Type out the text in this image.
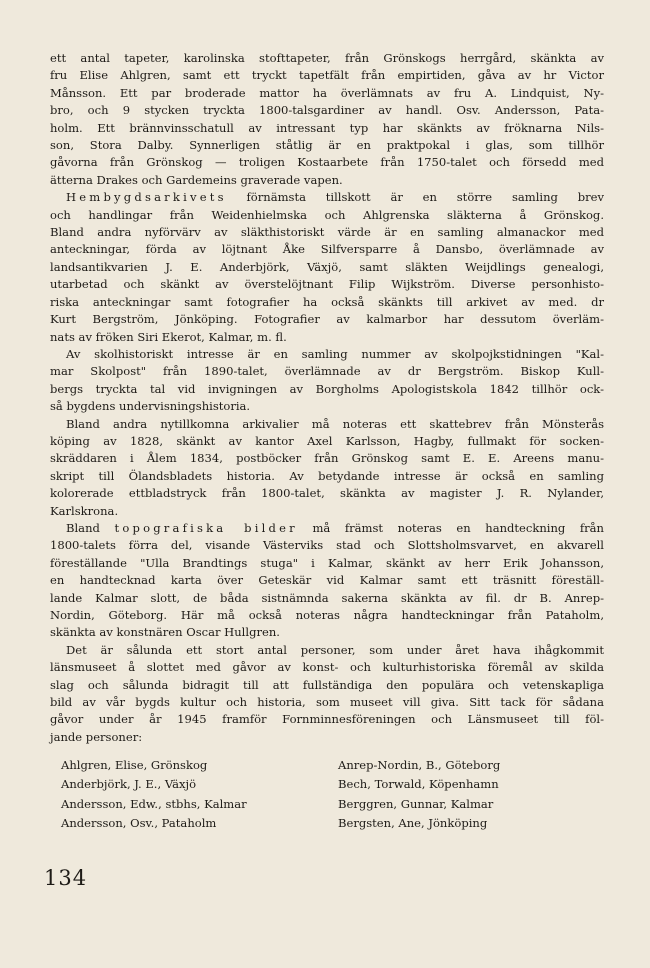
ett antal tapeter, karolinska stofttapeter, från Grönskogs herrgård, skänkta av
fru Elise Ahlgren, samt ett tryckt tapetfält från empirtiden, gåva av hr Victor
Månsson. Ett par broderade mattor ha överlämnats av fru A. Lindquist, Ny-
bro, och 9 stycken tryckta 1800-talsgardiner av handl. Osv. Andersson, Pata-
holm. Ett brännvinsschatull av intressant typ har skänkts av fröknarna Nils-
son, Stora Dalby. Synnerligen ståtlig är en praktpokal i glas, som tillhör
gåvorna från Grönskog — troligen Kostaarbete från 1750-talet och försedd med
ätterna Drakes och Gardemeins graverade vapen.

Hembygdsarkivets förnämsta tillskott är en större samling brev
och handlingar från Weidenhielmska och Ahlgrenska släkterna å Grönskog.
Bland andra nyförvärv av släkthistoriskt värde är en samling almanackor med
anteckningar, förda av löjtnant Åke Silfversparre å Dansbo, överlämnade av
landsantikvarien J. E. Anderbjörk, Växjö, samt släkten Weijdlings genealogi,
utarbetad och skänkt av överstelöjtnant Filip Wijkström. Diverse personhisto-
riska anteckningar samt fotografier ha också skänkts till arkivet av med. dr
Kurt Bergström, Jönköping. Fotografier av kalmarbor har dessutom överläm-
nats av fröken Siri Ekerot, Kalmar, m. fl.

Av skolhistoriskt intresse är en samling nummer av skolpojkstidningen "Kal-
mar Skolpost" från 1890-talet, överlämnade av dr Bergström. Biskop Kull-
bergs tryckta tal vid invigningen av Borgholms Apologistskola 1842 tillhör ock-
så bygdens undervisningshistoria.

Bland andra nytillkomna arkivalier må noteras ett skattebrev från Mönsterås
köping av 1828, skänkt av kantor Axel Karlsson, Hagby, fullmakt för socken-
skräddaren i Ålem 1834, postböcker från Grönskog samt E. E. Areens manu-
skript till Ölandsbladets historia. Av betydande intresse är också en samling
kolorerade ettbladstryck från 1800-talet, skänkta av magister J. R. Nylander,
Karlskrona.

Bland topografiska bilder må främst noteras en handteckning från
1800-talets förra del, visande Västerviks stad och Slottsholmsvarvet, en akvarell
föreställande "Ulla Brandtings stuga" i Kalmar, skänkt av herr Erik Johansson,
en handtecknad karta över Geteskär vid Kalmar samt ett träsnitt föreställ-
lande Kalmar slott, de båda sistnämnda sakerna skänkta av fil. dr B. Anrep-
Nordin, Göteborg. Här må också noteras några handteckningar från Pataholm,
skänkta av konstnären Oscar Hullgren.

Det är sålunda ett stort antal personer, som under året hava ihågkommit
länsmuseet å slottet med gåvor av konst- och kulturhistoriska föremål av skilda
slag och sålunda bidragit till att fullständiga den populära och vetenskapliga
bild av vår bygds kultur och historia, som museet vill giva. Sitt tack för sådana
gåvor under år 1945 framför Fornminnesföreningen och Länsmuseet till föl-
jande personer:

Ahlgren, Elise, Grönskog	Anrep-Nordin, B., Göteborg
Anderbjörk, J. E., Växjö	Bech, Torwald, Köpenhamn
Andersson, Edw., stbhs, Kalmar	Berggren, Gunnar, Kalmar
Andersson, Osv., Pataholm	Bergsten, Ane, Jönköping
134
